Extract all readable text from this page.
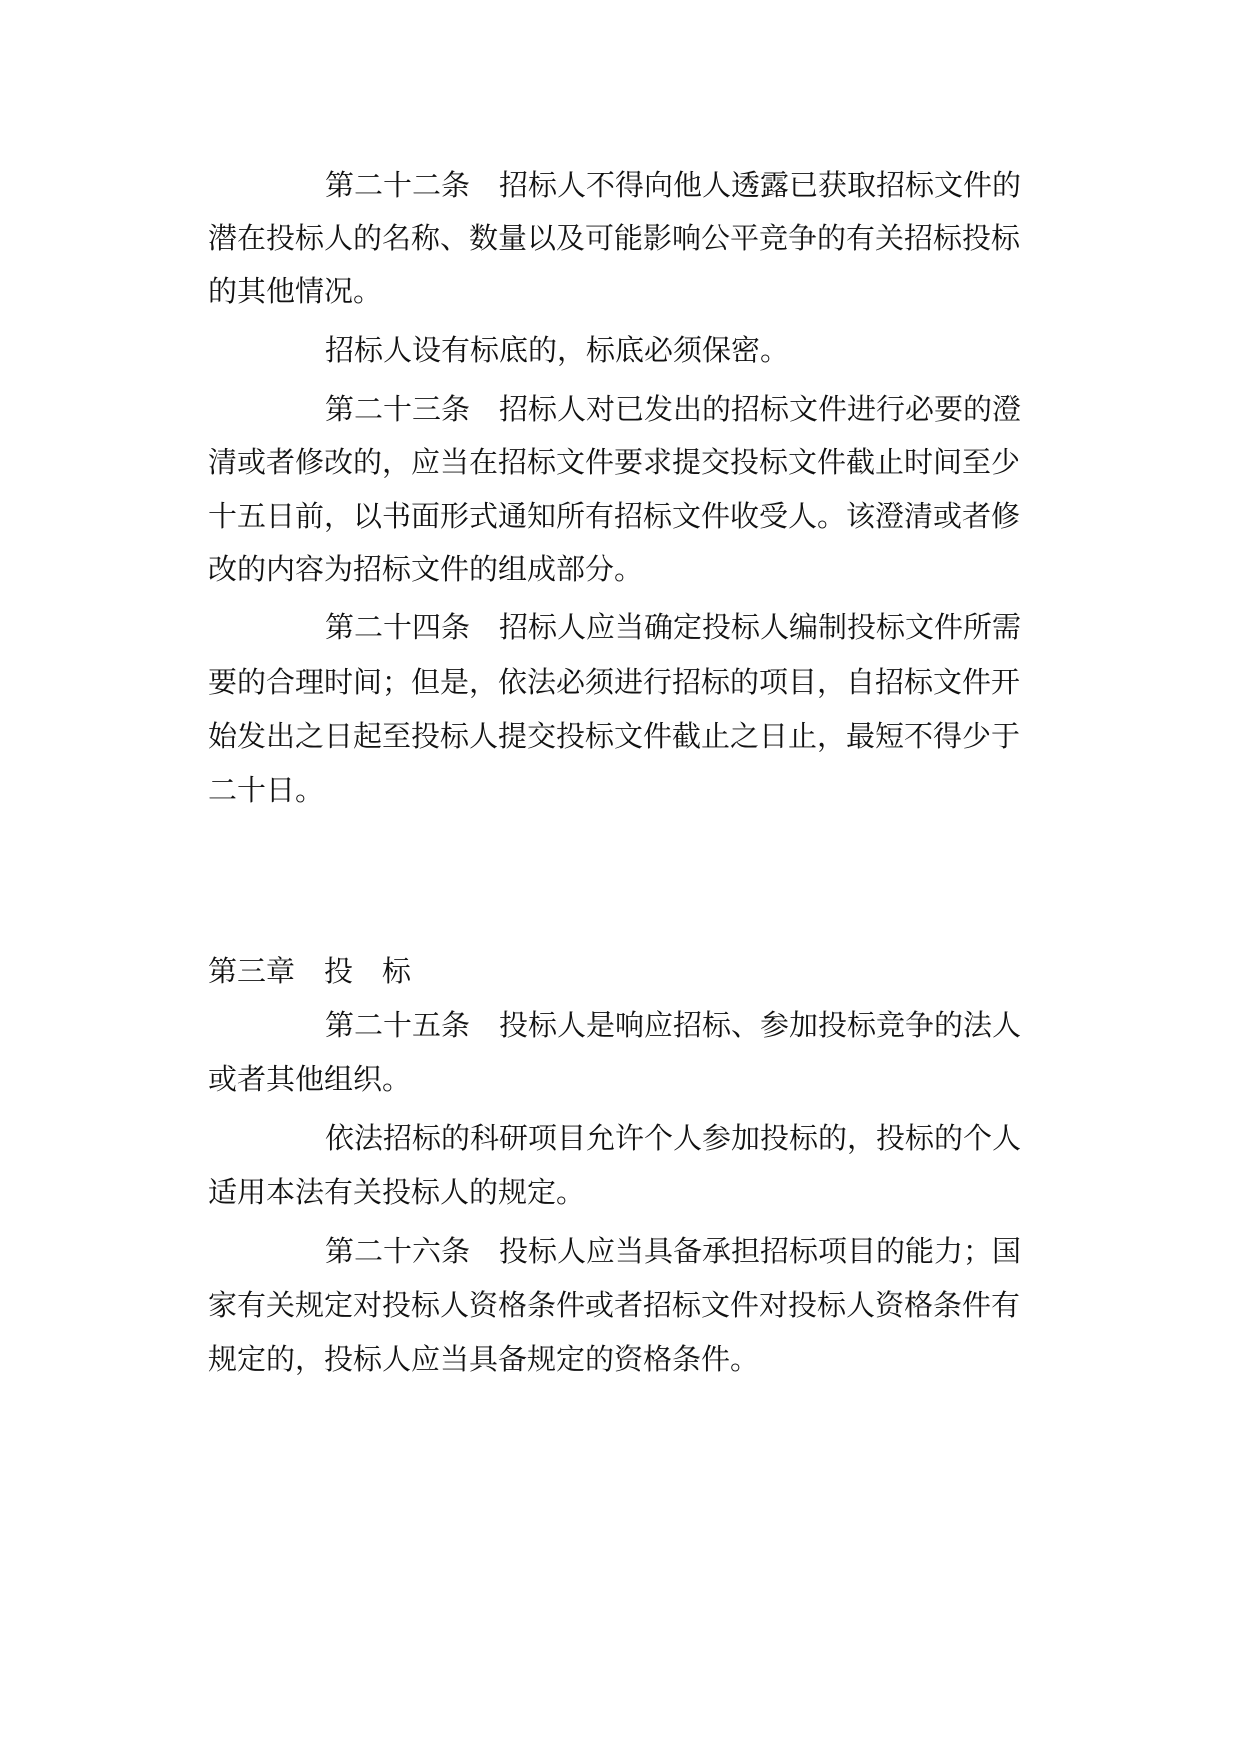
第二十二条　招标人不得向他人透露已获取招标文件的
潜在投标人的名称、数量以及可能影响公平竞争的有关招标投标
的其他情况。
招标人设有标底的，标底必须保密。
第二十三条　招标人对已发出的招标文件进行必要的澄
清或者修改的，应当在招标文件要求提交投标文件截止时间至少
十五日前，以书面形式通知所有招标文件收受人。该澄清或者修
改的内容为招标文件的组成部分。
第二十四条　招标人应当确定投标人编制投标文件所需
要的合理时间；但是，依法必须进行招标的项目，自招标文件开
始发出之日起至投标人提交投标文件截止之日止，最短不得少于
二十日。
第三章　投　标
第二十五条　投标人是响应招标、参加投标竞争的法人
或者其他组织。
依法招标的科研项目允许个人参加投标的，投标的个人
适用本法有关投标人的规定。
第二十六条　投标人应当具备承担招标项目的能力；国
家有关规定对投标人资格条件或者招标文件对投标人资格条件有
规定的，投标人应当具备规定的资格条件。
